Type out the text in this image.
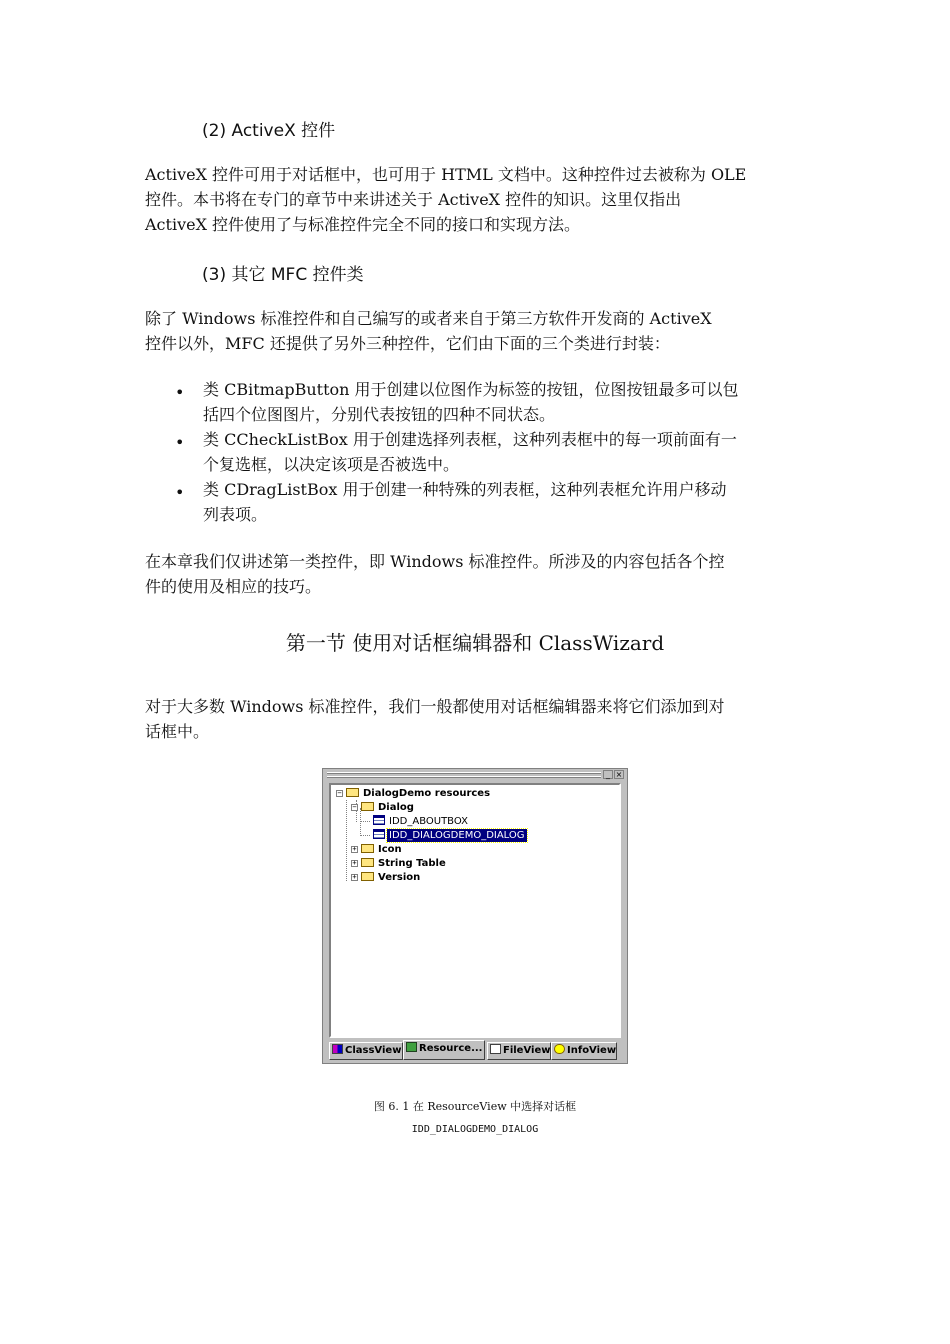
(2) ActiveX 控件
ActiveX 控件可用于对话框中，也可用于 HTML 文档中。这种控件过去被称为 OLE
控件。本书将在专门的章节中来讲述关于 ActiveX 控件的知识。这里仅指出
ActiveX 控件使用了与标准控件完全不同的接口和实现方法。
(3) 其它 MFC 控件类
除了 Windows 标准控件和自己编写的或者来自于第三方软件开发商的 ActiveX
控件以外，MFC 还提供了另外三种控件，它们由下面的三个类进行封装：
• 类 CBitmapButton 用于创建以位图作为标签的按钮，位图按钮最多可以包
括四个位图图片，分别代表按钮的四种不同状态。
• 类 CCheckListBox 用于创建选择列表框，这种列表框中的每一项前面有一
个复选框，以决定该项是否被选中。
• 类 CDragListBox 用于创建一种特殊的列表框，这种列表框允许用户移动
列表项。
在本章我们仅讲述第一类控件，即 Windows 标准控件。所涉及的内容包括各个控
件的使用及相应的技巧。
第一节 使用对话框编辑器和 ClassWizard
对于大多数 Windows 标准控件，我们一般都使用对话框编辑器来将它们添加到对
话框中。
_ ×
−	DialogDemo resources
−	Dialog
IDD_ABOUTBOX
IDD_DIALOGDEMO_DIALOG
+	Icon
+	String Table
+	Version
ClassView	Resource...	FileView	InfoView
图 6. 1 在 ResourceView 中选择对话框
IDD_DIALOGDEMO_DIALOG
